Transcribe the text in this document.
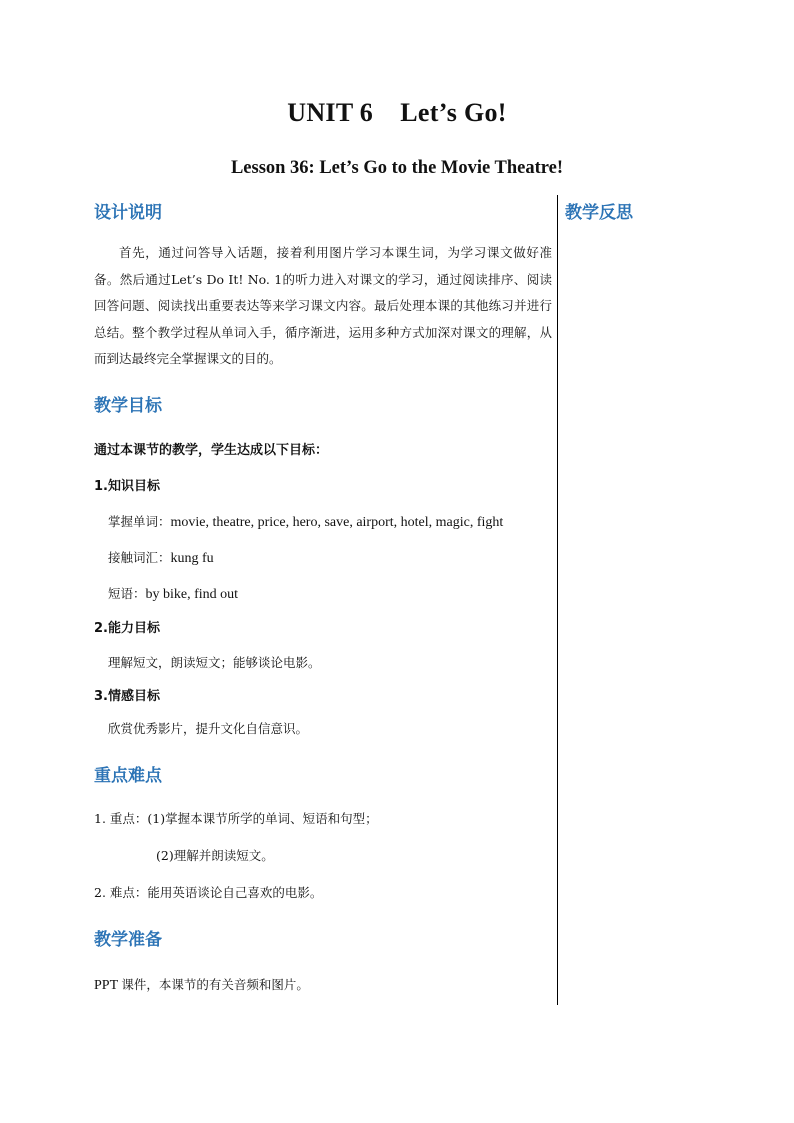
UNIT 6    Let’s Go!
Lesson 36: Let’s Go to the Movie Theatre!

设计说明

首先，通过问答导入话题，接着利用图片学习本课生词，为学习课文做好准备。然后通过Let’s Do It! No. 1的听力进入对课文的学习，通过阅读排序、阅读回答问题、阅读找出重要表达等来学习课文内容。最后处理本课的其他练习并进行总结。整个教学过程从单词入手，循序渐进，运用多种方式加深对课文的理解，从而到达最终完全掌握课文的目的。

教学目标

通过本课节的教学，学生达成以下目标：

1.知识目标

掌握单词：movie, theatre, price, hero, save, airport, hotel, magic, fight

接触词汇：kung fu

短语：by bike, find out

2.能力目标

理解短文，朗读短文；能够谈论电影。

3.情感目标

欣赏优秀影片，提升文化自信意识。

重点难点

1. 重点：(1)掌握本课节所学的单词、短语和句型；

(2)理解并朗读短文。

2. 难点：能用英语谈论自己喜欢的电影。

教学准备

PPT 课件，本课节的有关音频和图片。

教学反思
